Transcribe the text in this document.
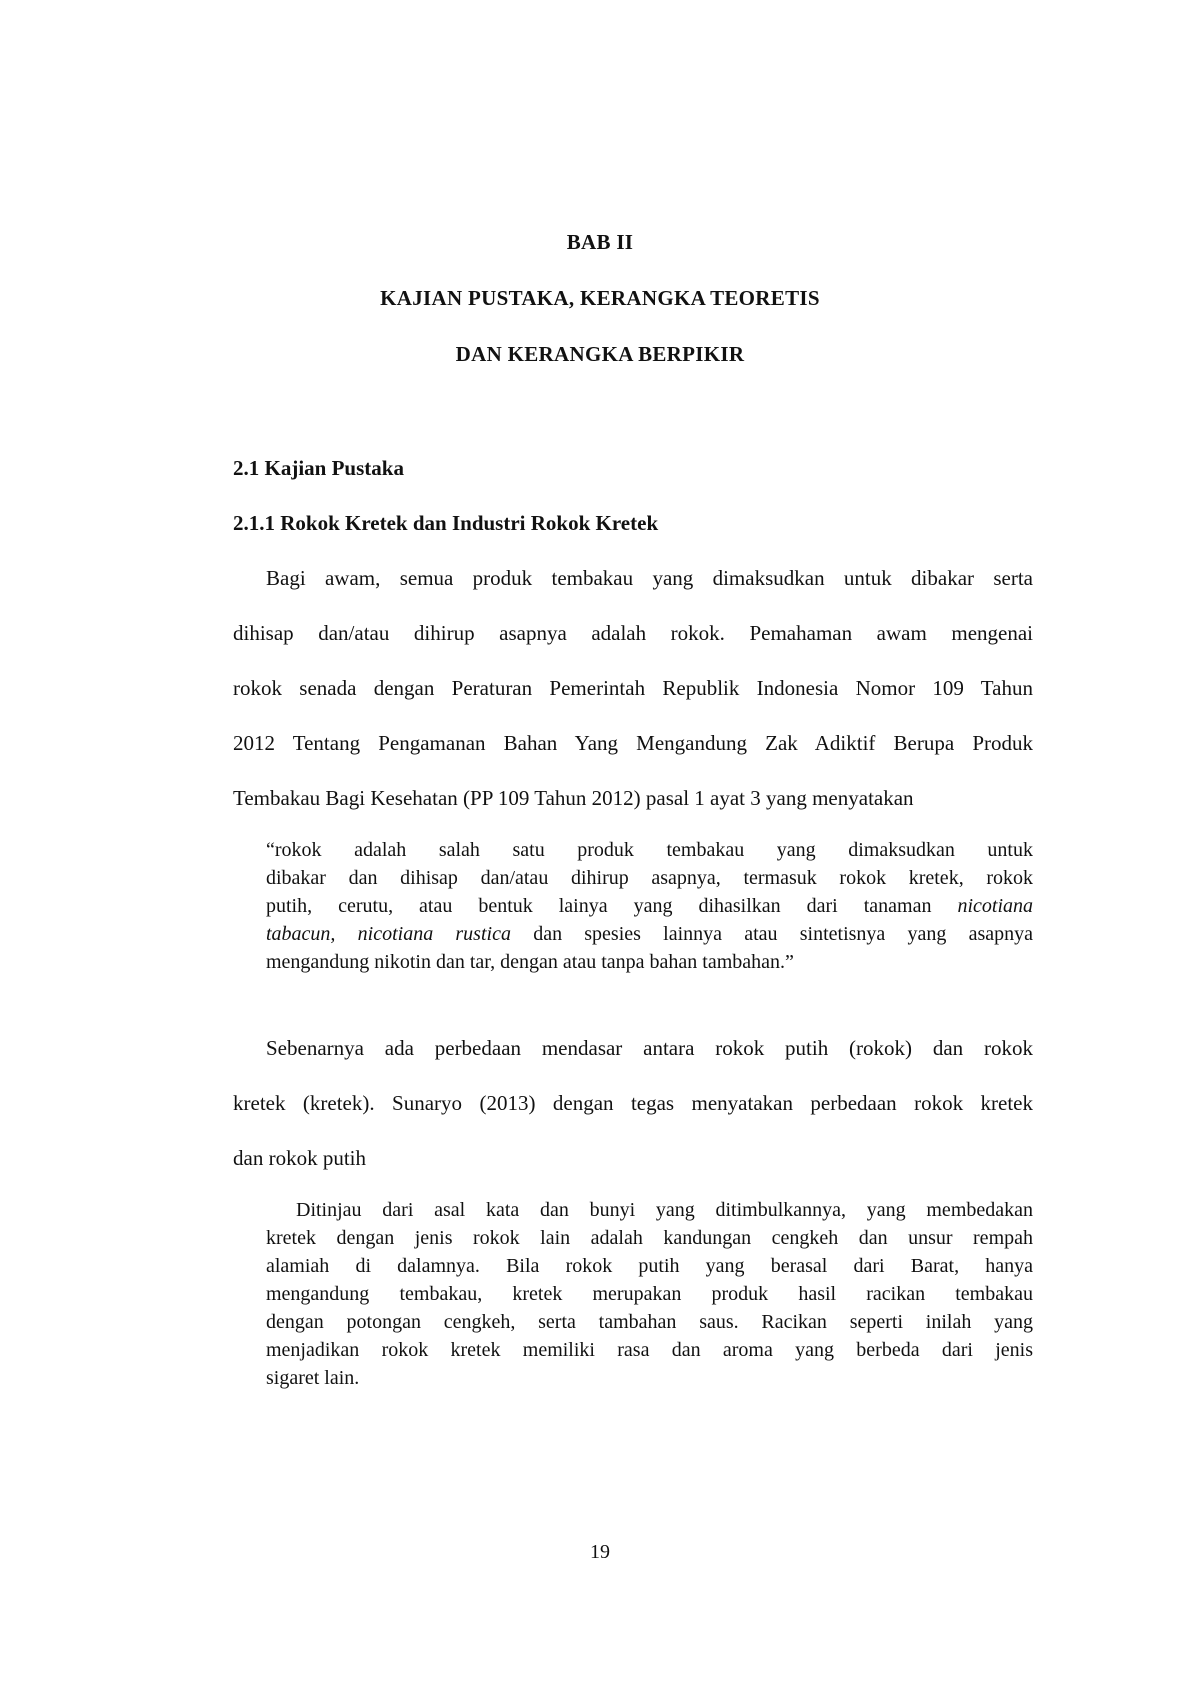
BAB II
KAJIAN PUSTAKA, KERANGKA TEORETIS
DAN KERANGKA BERPIKIR
2.1 Kajian Pustaka
2.1.1 Rokok Kretek dan Industri Rokok Kretek
Bagi awam, semua produk tembakau yang dimaksudkan untuk dibakar serta
dihisap dan/atau dihirup asapnya adalah rokok. Pemahaman awam mengenai
rokok senada dengan Peraturan Pemerintah Republik Indonesia Nomor 109 Tahun
2012 Tentang Pengamanan Bahan Yang Mengandung Zak Adiktif Berupa Produk
Tembakau Bagi Kesehatan (PP 109 Tahun 2012) pasal 1 ayat 3 yang menyatakan
“rokok adalah salah satu produk tembakau yang dimaksudkan untuk
dibakar dan dihisap dan/atau dihirup asapnya, termasuk rokok kretek, rokok
putih, cerutu, atau bentuk lainya yang dihasilkan dari tanaman nicotiana
tabacun, nicotiana rustica dan spesies lainnya atau sintetisnya yang asapnya
mengandung nikotin dan tar, dengan atau tanpa bahan tambahan.”
Sebenarnya ada perbedaan mendasar antara rokok putih (rokok) dan rokok
kretek (kretek). Sunaryo (2013) dengan tegas menyatakan perbedaan rokok kretek
dan rokok putih
Ditinjau dari asal kata dan bunyi yang ditimbulkannya, yang membedakan
kretek dengan jenis rokok lain adalah kandungan cengkeh dan unsur rempah
alamiah di dalamnya. Bila rokok putih yang berasal dari Barat, hanya
mengandung tembakau, kretek merupakan produk hasil racikan tembakau
dengan potongan cengkeh, serta tambahan saus. Racikan seperti inilah yang
menjadikan rokok kretek memiliki rasa dan aroma yang berbeda dari jenis
sigaret lain.
19
